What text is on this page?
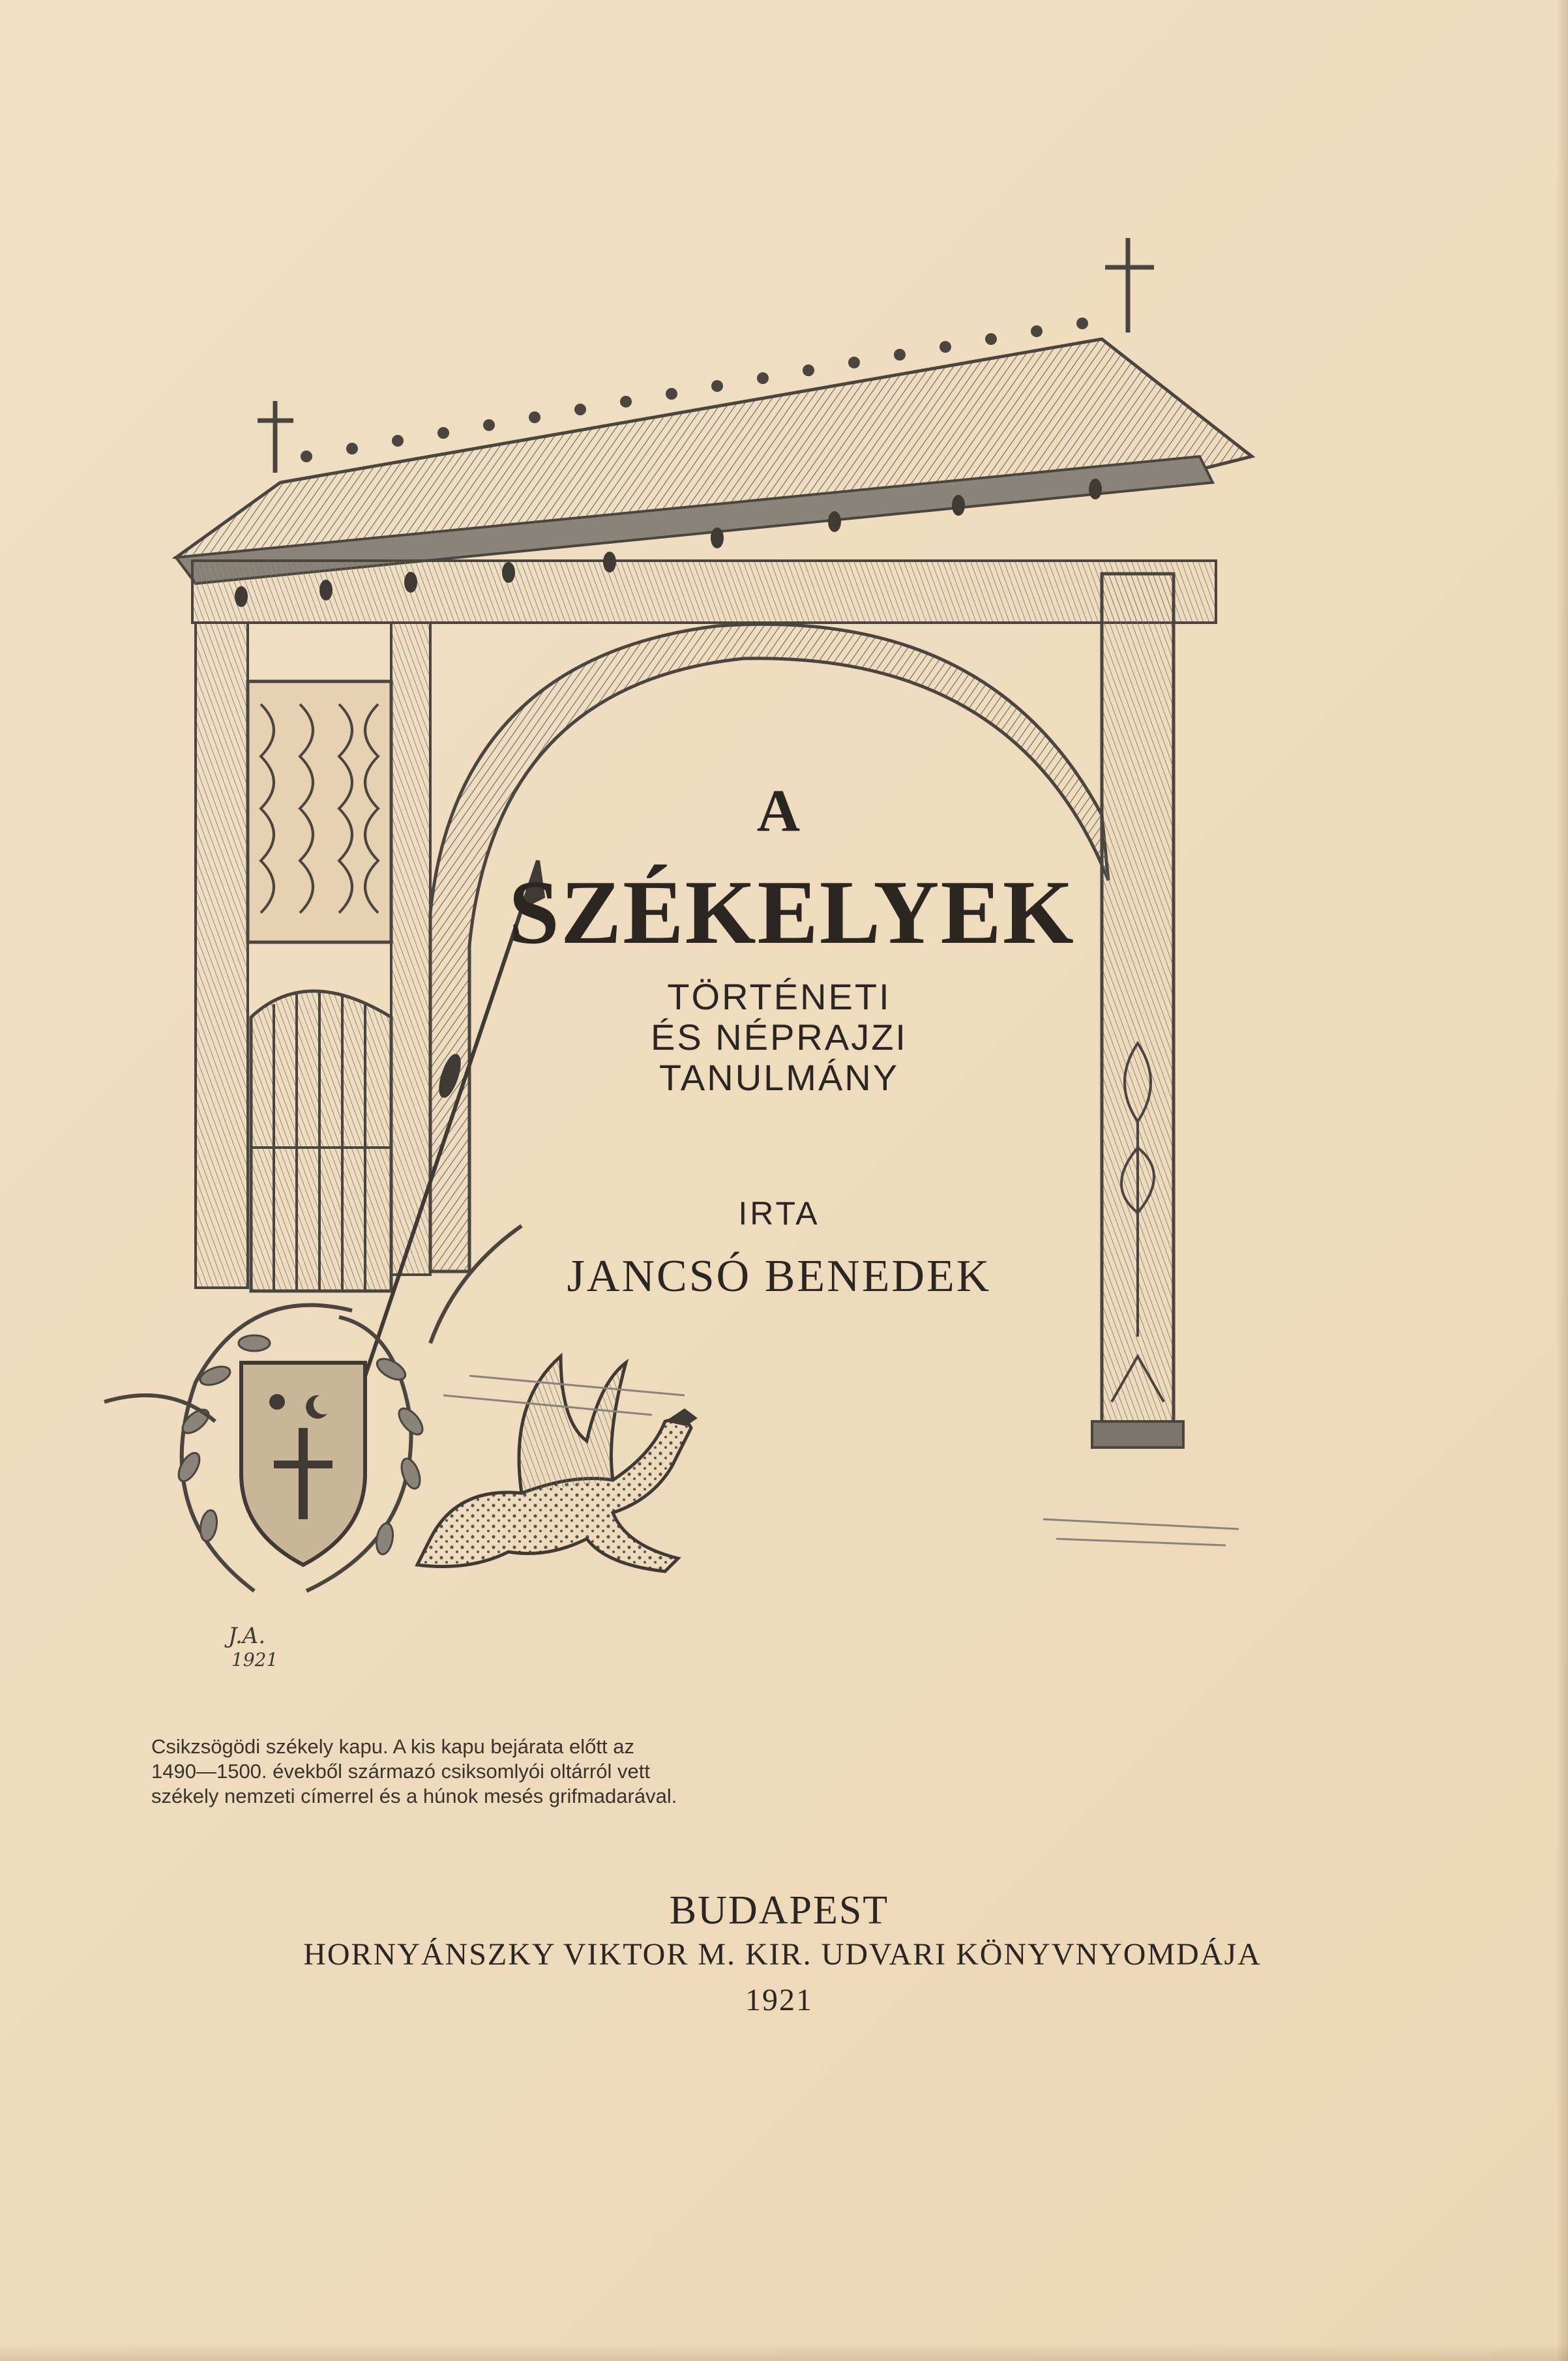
J.A.
1921
A
SZÉKELYEK
TÖRTÉNETI
ÉS NÉPRAJZI
TANULMÁNY
IRTA
JANCSÓ BENEDEK
Csikzsögödi székely kapu. A kis kapu bejárata előtt az
1490—1500. évekből származó csiksomlyói oltárról vett
székely nemzeti címerrel és a húnok mesés grifmadarával.
BUDAPEST
HORNYÁNSZKY VIKTOR M. KIR. UDVARI KÖNYVNYOMDÁJA
1921
